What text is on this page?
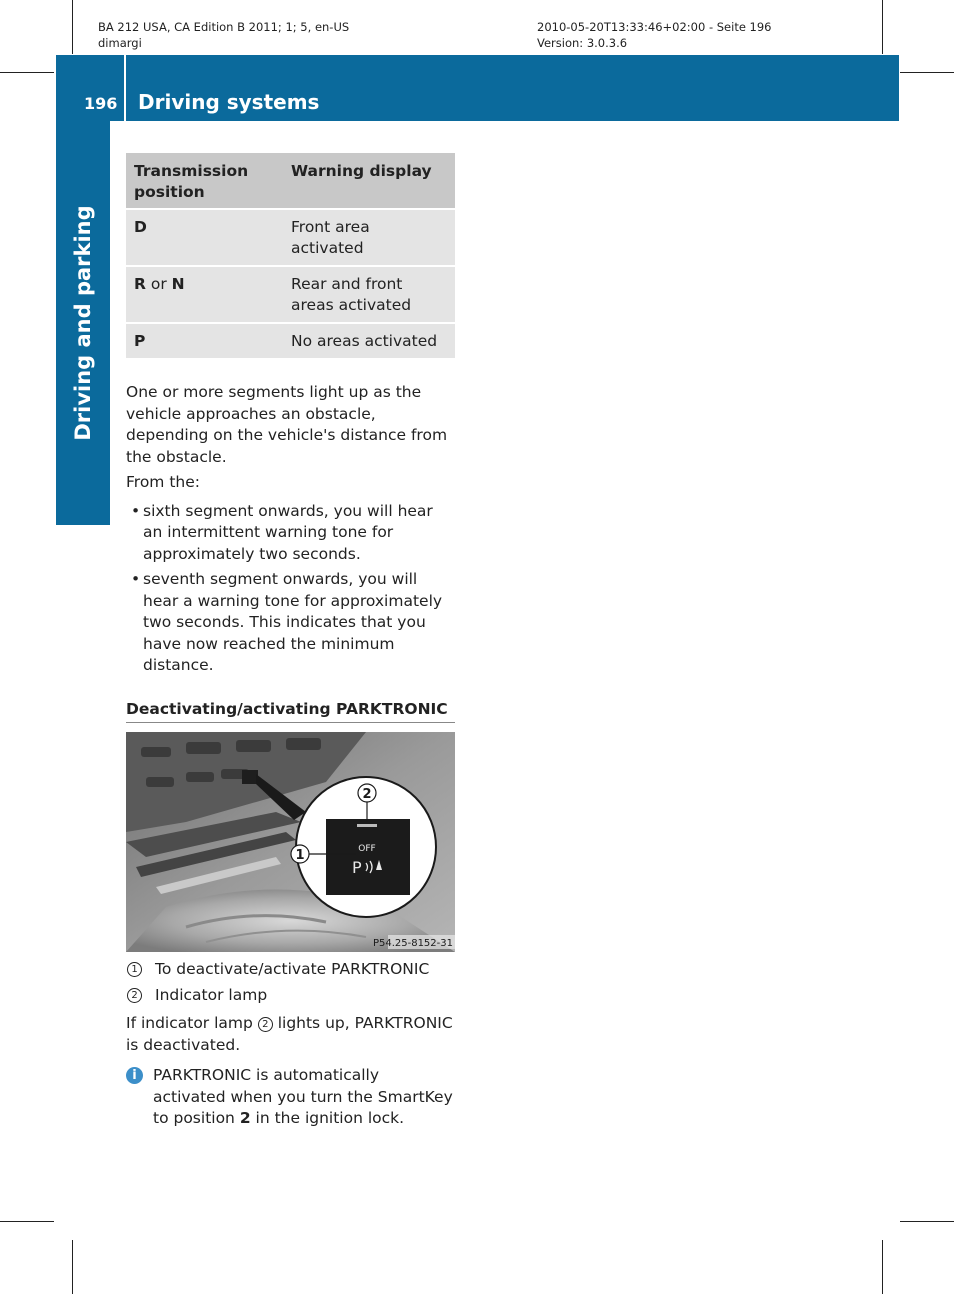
BA 212 USA, CA Edition B 2011; 1; 5, en-US
dimargi
2010-05-20T13:33:46+02:00 - Seite 196
Version: 3.0.3.6
196 Driving systems
Driving and parking
Transmission position	Warning display
D	Front area activated
R or N	Rear and front areas activated
P	No areas activated

One or more segments light up as the vehicle approaches an obstacle, depending on the vehicle's distance from the obstacle.

From the:

• sixth segment onwards, you will hear an intermittent warning tone for approximately two seconds.
• seventh segment onwards, you will hear a warning tone for approximately two seconds. This indicates that you have now reached the minimum distance.
Deactivating/activating PARKTRONIC
OFF
P
2
1
P54.25-8152-31
1 To deactivate/activate PARKTRONIC
2 Indicator lamp

If indicator lamp 2 lights up, PARKTRONIC is deactivated.

i	PARKTRONIC is automatically activated when you turn the SmartKey to position 2 in the ignition lock.
